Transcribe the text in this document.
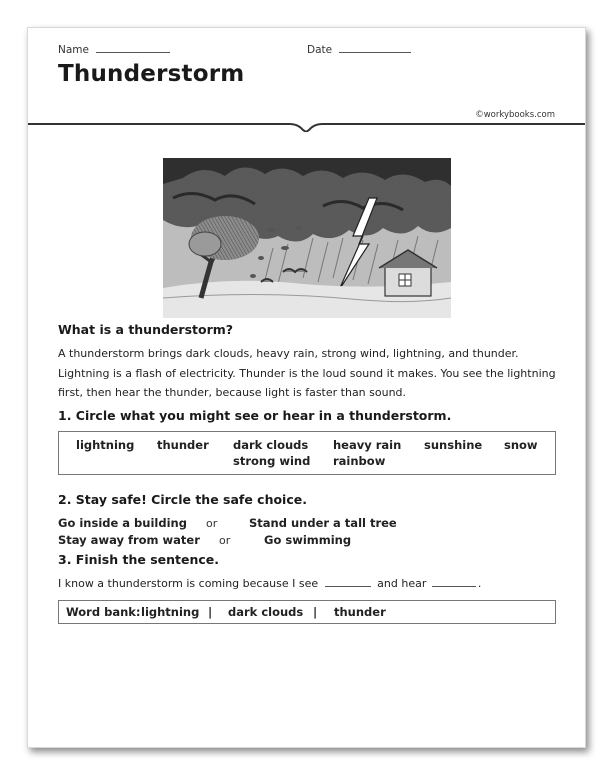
Name	Date
Thunderstorm
©workybooks.com
What is a thunderstorm?
A thunderstorm brings dark clouds, heavy rain, strong wind, lightning, and thunder.
Lightning is a flash of electricity. Thunder is the loud sound it makes. You see the lightning
first, then hear the thunder, because light is faster than sound.
1. Circle what you might see or hear in a thunderstorm.
lightning thunder dark clouds heavy rain sunshine snow
strong wind rainbow
2. Stay safe! Circle the safe choice.
Go inside a building or	Stand under a tall tree
Stay away from water or	Go swimming
3. Finish the sentence.
I know a thunderstorm is coming because I see	and hear	.
Word bank: lightning | dark clouds | thunder
